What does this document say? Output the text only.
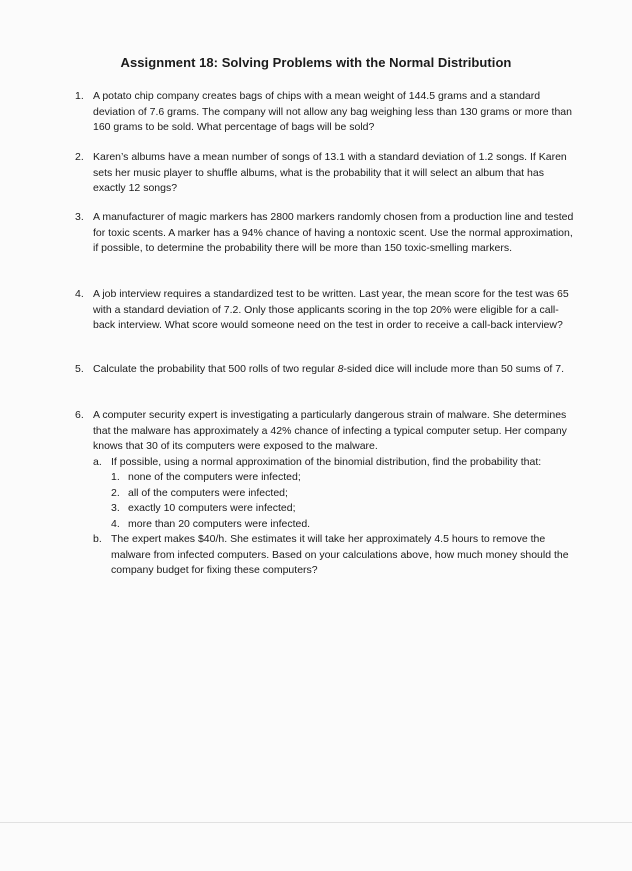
Assignment 18: Solving Problems with the Normal Distribution
1. A potato chip company creates bags of chips with a mean weight of 144.5 grams and a standard deviation of 7.6 grams. The company will not allow any bag weighing less than 130 grams or more than 160 grams to be sold. What percentage of bags will be sold?
2. Karen’s albums have a mean number of songs of 13.1 with a standard deviation of 1.2 songs. If Karen sets her music player to shuffle albums, what is the probability that it will select an album that has exactly 12 songs?
3. A manufacturer of magic markers has 2800 markers randomly chosen from a production line and tested for toxic scents. A marker has a 94% chance of having a nontoxic scent. Use the normal approximation, if possible, to determine the probability there will be more than 150 toxic-smelling markers.
4. A job interview requires a standardized test to be written. Last year, the mean score for the test was 65 with a standard deviation of 7.2. Only those applicants scoring in the top 20% were eligible for a call-back interview. What score would someone need on the test in order to receive a call-back interview?
5. Calculate the probability that 500 rolls of two regular 8-sided dice will include more than 50 sums of 7.
6. A computer security expert is investigating a particularly dangerous strain of malware. She determines that the malware has approximately a 42% chance of infecting a typical computer setup. Her company knows that 30 of its computers were exposed to the malware.
a. If possible, using a normal approximation of the binomial distribution, find the probability that:
1. none of the computers were infected;
2. all of the computers were infected;
3. exactly 10 computers were infected;
4. more than 20 computers were infected.
b. The expert makes $40/h. She estimates it will take her approximately 4.5 hours to remove the malware from infected computers. Based on your calculations above, how much money should the company budget for fixing these computers?
